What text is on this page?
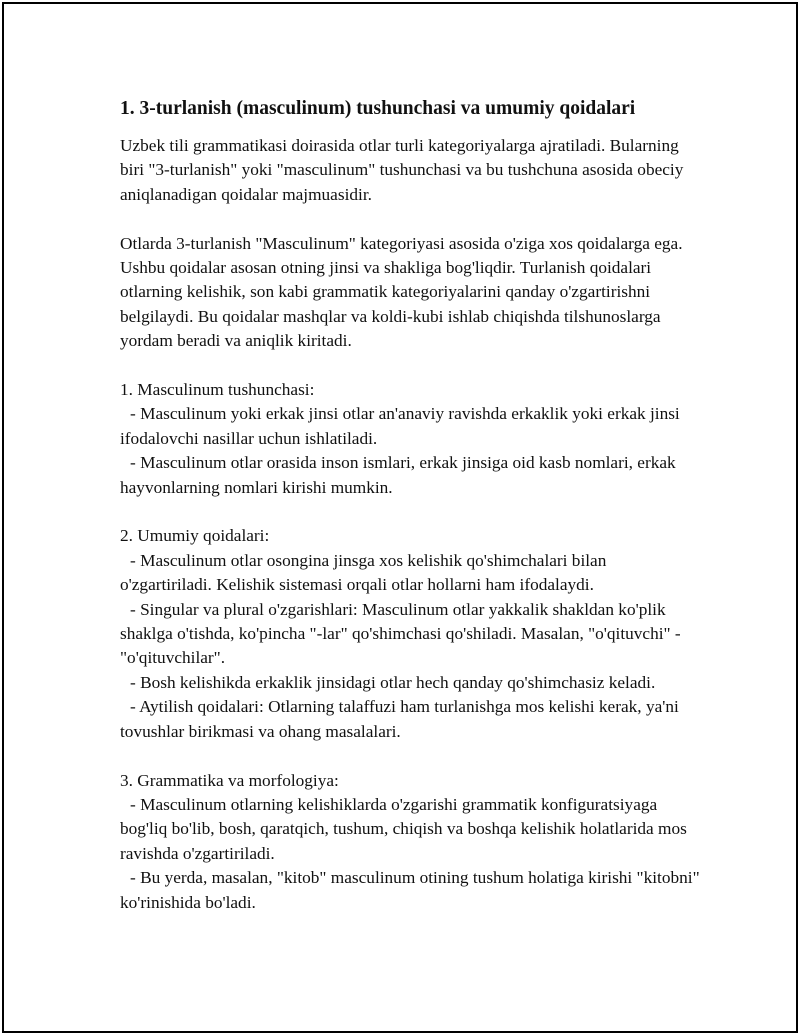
1. 3-turlanish (masculinum) tushunchasi va umumiy qoidalari

Uzbek tili grammatikasi doirasida otlar turli kategoriyalarga ajratiladi. Bularning biri "3-turlanish" yoki "masculinum" tushunchasi va bu tushchuna asosida obeciy aniqlanadigan qoidalar majmuasidir.

Otlarda 3-turlanish "Masculinum" kategoriyasi asosida o'ziga xos qoidalarga ega. Ushbu qoidalar asosan otning jinsi va shakliga bog'liqdir. Turlanish qoidalari otlarning kelishik, son kabi grammatik kategoriyalarini qanday o'zgartirishni belgilaydi. Bu qoidalar mashqlar va koldi-kubi ishlab chiqishda tilshunoslarga yordam beradi va aniqlik kiritadi.

1. Masculinum tushunchasi:

- Masculinum yoki erkak jinsi otlar an'anaviy ravishda erkaklik yoki erkak jinsi ifodalovchi nasillar uchun ishlatiladi.

- Masculinum otlar orasida inson ismlari, erkak jinsiga oid kasb nomlari, erkak hayvonlarning nomlari kirishi mumkin.

2. Umumiy qoidalari:

- Masculinum otlar osongina jinsga xos kelishik qo'shimchalari bilan o'zgartiriladi. Kelishik sistemasi orqali otlar hollarni ham ifodalaydi.

- Singular va plural o'zgarishlari: Masculinum otlar yakkalik shakldan ko'plik shaklga o'tishda, ko'pincha "-lar" qo'shimchasi qo'shiladi. Masalan, "o'qituvchi" - "o'qituvchilar".

- Bosh kelishikda erkaklik jinsidagi otlar hech qanday qo'shimchasiz keladi.

- Aytilish qoidalari: Otlarning talaffuzi ham turlanishga mos kelishi kerak, ya'ni tovushlar birikmasi va ohang masalalari.

3. Grammatika va morfologiya:

- Masculinum otlarning kelishiklarda o'zgarishi grammatik konfiguratsiyaga bog'liq bo'lib, bosh, qaratqich, tushum, chiqish va boshqa kelishik holatlarida mos ravishda o'zgartiriladi.

- Bu yerda, masalan, "kitob" masculinum otining tushum holatiga kirishi "kitobni" ko'rinishida bo'ladi.
